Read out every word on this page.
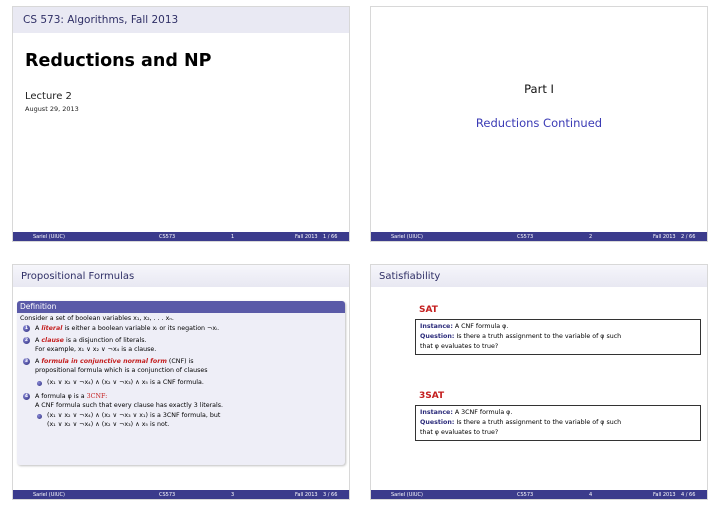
CS 573: Algorithms, Fall 2013
Reductions and NP
Lecture 2
August 29, 2013
Sariel (UIUC)	CS573	1	Fall 2013 1 / 66
Part I
Reductions Continued
Sariel (UIUC)	CS573	2	Fall 2013 2 / 66
Propositional Formulas
Definition
Consider a set of boolean variables x₁, x₂, . . . xₙ.
1	A literal is either a boolean variable xᵢ or its negation ¬xᵢ.
2	A clause is a disjunction of literals.
For example, x₁ ∨ x₂ ∨ ¬x₄ is a clause.
3	A formula in conjunctive normal form (CNF) is
propositional formula which is a conjunction of clauses
(x₁ ∨ x₂ ∨ ¬x₄) ∧ (x₂ ∨ ¬x₃) ∧ x₅ is a CNF formula.
4	A formula φ is a 3CNF:
A CNF formula such that every clause has exactly 3 literals.
(x₁ ∨ x₂ ∨ ¬x₄) ∧ (x₂ ∨ ¬x₃ ∨ x₁) is a 3CNF formula, but
(x₁ ∨ x₂ ∨ ¬x₄) ∧ (x₂ ∨ ¬x₃) ∧ x₅ is not.
Sariel (UIUC)	CS573	3	Fall 2013 3 / 66
Satisfiability
SAT
Instance: A CNF formula φ.
Question: Is there a truth assignment to the variable of φ such
that φ evaluates to true?
3SAT
Instance: A 3CNF formula φ.
Question: Is there a truth assignment to the variable of φ such
that φ evaluates to true?
Sariel (UIUC)	CS573	4	Fall 2013 4 / 66
